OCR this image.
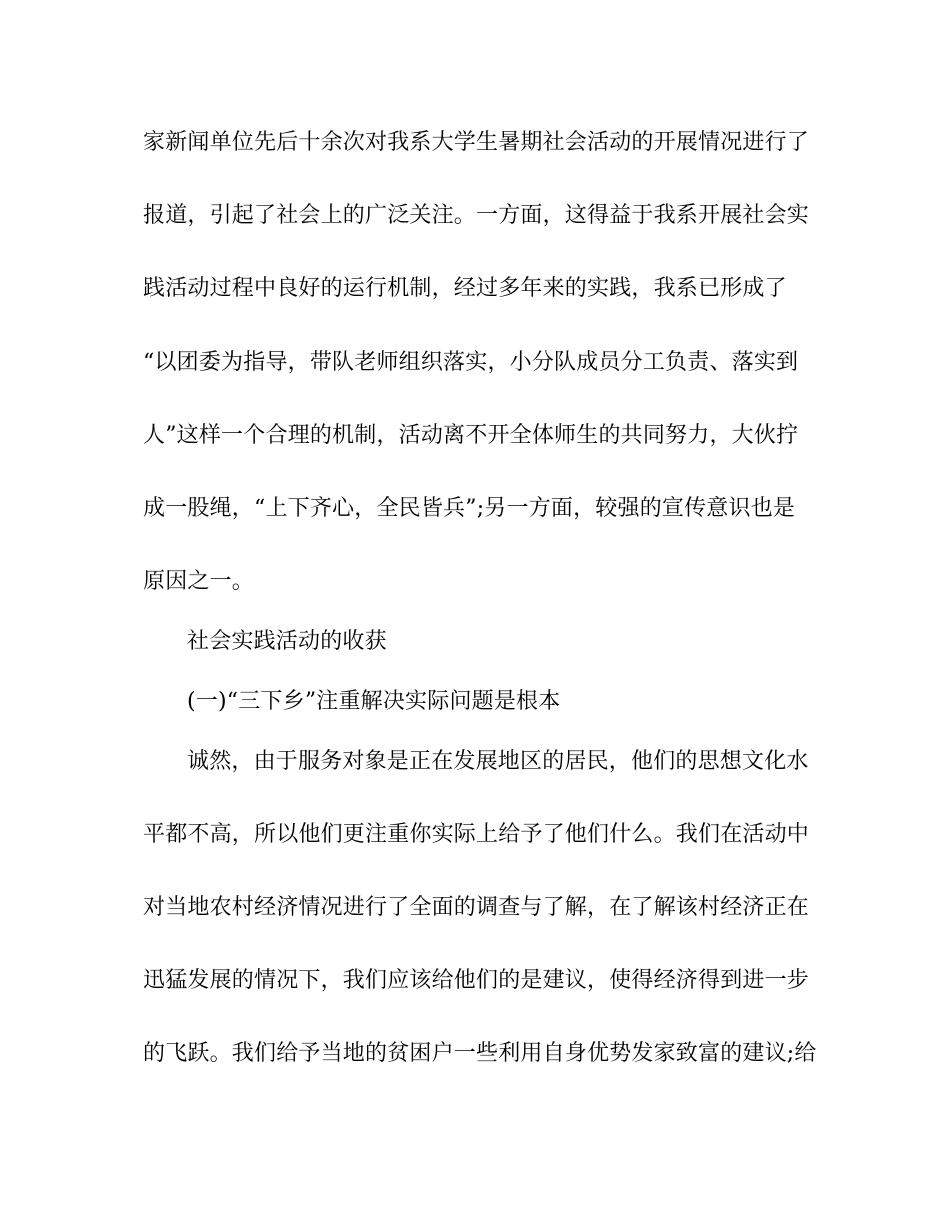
家新闻单位先后十余次对我系大学生暑期社会活动的开展情况进行了
报道，引起了社会上的广泛关注。一方面，这得益于我系开展社会实
践活动过程中良好的运行机制，经过多年来的实践，我系已形成了
“以团委为指导，带队老师组织落实，小分队成员分工负责、落实到
人”这样一个合理的机制，活动离不开全体师生的共同努力，大伙拧
成一股绳，“上下齐心，全民皆兵”;另一方面，较强的宣传意识也是
原因之一。
社会实践活动的收获
(一)“三下乡”注重解决实际问题是根本
诚然，由于服务对象是正在发展地区的居民，他们的思想文化水
平都不高，所以他们更注重你实际上给予了他们什么。我们在活动中
对当地农村经济情况进行了全面的调查与了解，在了解该村经济正在
迅猛发展的情况下，我们应该给他们的是建议，使得经济得到进一步
的飞跃。我们给予当地的贫困户一些利用自身优势发家致富的建议;给
